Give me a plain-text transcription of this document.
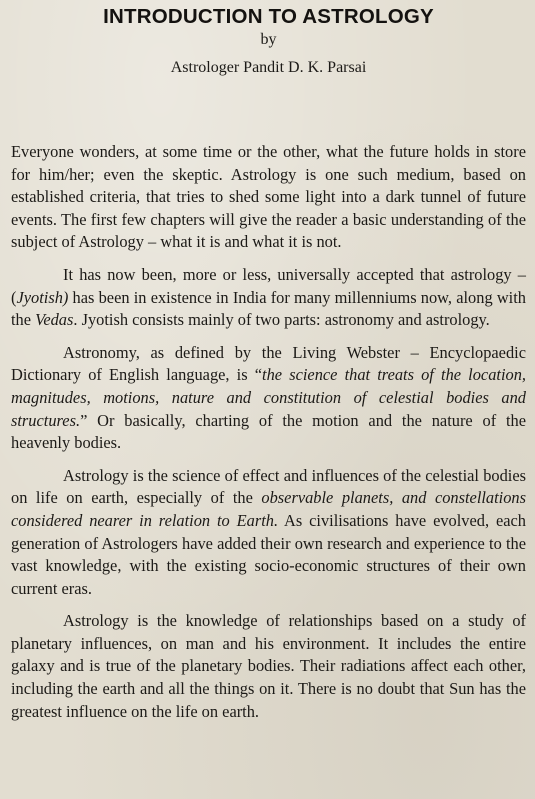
INTRODUCTION TO ASTROLOGY

by

Astrologer Pandit D. K. Parsai

Everyone wonders, at some time or the other, what the future holds in store for him/her; even the skeptic. Astrology is one such medium, based on established criteria, that tries to shed some light into a dark tunnel of future events. The first few chapters will give the reader a basic understanding of the subject of Astrology – what it is and what it is not.

It has now been, more or less, universally accepted that astrology – (Jyotish) has been in existence in India for many millenniums now, along with the Vedas. Jyotish consists mainly of two parts: astronomy and astrology.

Astronomy, as defined by the Living Webster – Encyclopaedic Dictionary of English language, is “the science that treats of the location, magnitudes, motions, nature and constitution of celestial bodies and structures.” Or basically, charting of the motion and the nature of the heavenly bodies.

Astrology is the science of effect and influences of the celestial bodies on life on earth, especially of the observable planets, and constellations considered nearer in relation to Earth. As civilisations have evolved, each generation of Astrologers have added their own research and experience to the vast knowledge, with the existing socio-economic structures of their own current eras.

Astrology is the knowledge of relationships based on a study of planetary influences, on man and his environment. It includes the entire galaxy and is true of the planetary bodies. Their radiations affect each other, including the earth and all the things on it. There is no doubt that Sun has the greatest influence on the life on earth.
